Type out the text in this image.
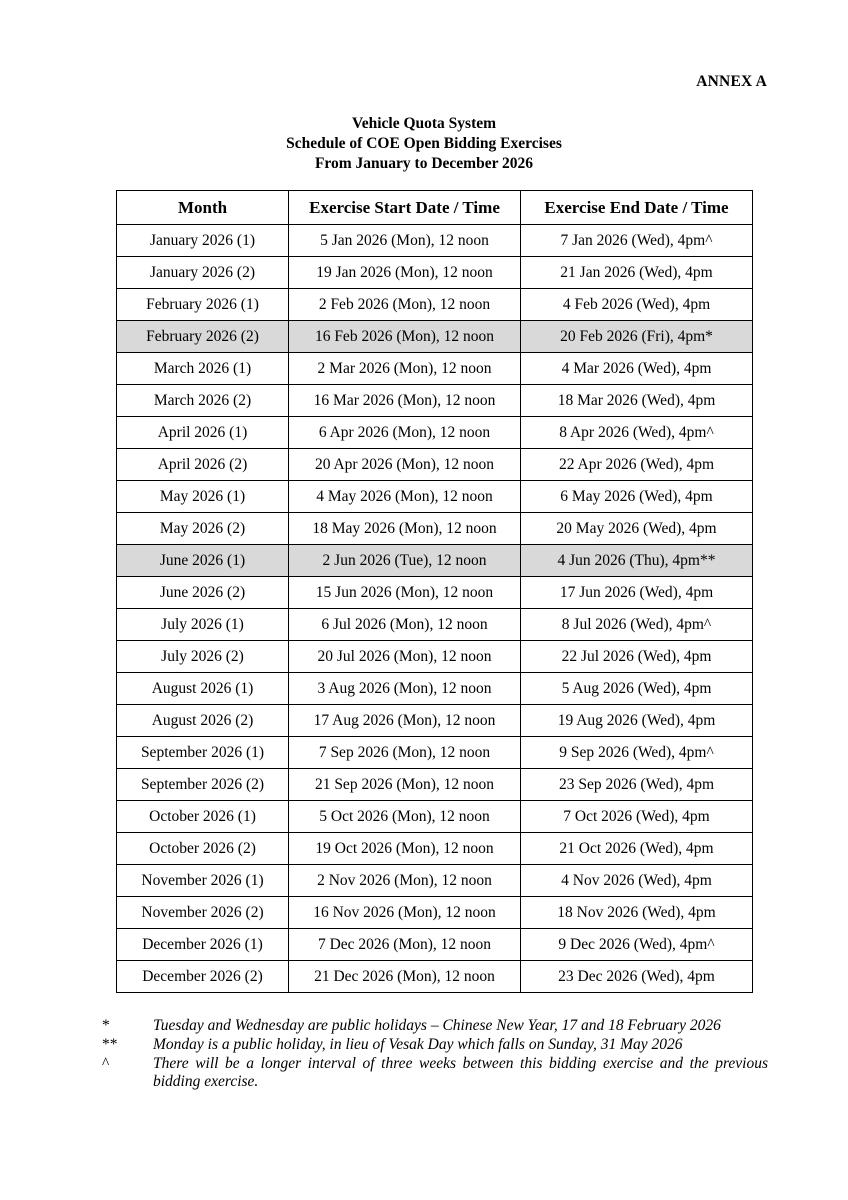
ANNEX A
Vehicle Quota System
Schedule of COE Open Bidding Exercises
From January to December 2026
Month	Exercise Start Date / Time	Exercise End Date / Time
January 2026 (1)	5 Jan 2026 (Mon), 12 noon	7 Jan 2026 (Wed), 4pm^
January 2026 (2)	19 Jan 2026 (Mon), 12 noon	21 Jan 2026 (Wed), 4pm
February 2026 (1)	2 Feb 2026 (Mon), 12 noon	4 Feb 2026 (Wed), 4pm
February 2026 (2)	16 Feb 2026 (Mon), 12 noon	20 Feb 2026 (Fri), 4pm*
March 2026 (1)	2 Mar 2026 (Mon), 12 noon	4 Mar 2026 (Wed), 4pm
March 2026 (2)	16 Mar 2026 (Mon), 12 noon	18 Mar 2026 (Wed), 4pm
April 2026 (1)	6 Apr 2026 (Mon), 12 noon	8 Apr 2026 (Wed), 4pm^
April 2026 (2)	20 Apr 2026 (Mon), 12 noon	22 Apr 2026 (Wed), 4pm
May 2026 (1)	4 May 2026 (Mon), 12 noon	6 May 2026 (Wed), 4pm
May 2026 (2)	18 May 2026 (Mon), 12 noon	20 May 2026 (Wed), 4pm
June 2026 (1)	2 Jun 2026 (Tue), 12 noon	4 Jun 2026 (Thu), 4pm**
June 2026 (2)	15 Jun 2026 (Mon), 12 noon	17 Jun 2026 (Wed), 4pm
July 2026 (1)	6 Jul 2026 (Mon), 12 noon	8 Jul 2026 (Wed), 4pm^
July 2026 (2)	20 Jul 2026 (Mon), 12 noon	22 Jul 2026 (Wed), 4pm
August 2026 (1)	3 Aug 2026 (Mon), 12 noon	5 Aug 2026 (Wed), 4pm
August 2026 (2)	17 Aug 2026 (Mon), 12 noon	19 Aug 2026 (Wed), 4pm
September 2026 (1)	7 Sep 2026 (Mon), 12 noon	9 Sep 2026 (Wed), 4pm^
September 2026 (2)	21 Sep 2026 (Mon), 12 noon	23 Sep 2026 (Wed), 4pm
October 2026 (1)	5 Oct 2026 (Mon), 12 noon	7 Oct 2026 (Wed), 4pm
October 2026 (2)	19 Oct 2026 (Mon), 12 noon	21 Oct 2026 (Wed), 4pm
November 2026 (1)	2 Nov 2026 (Mon), 12 noon	4 Nov 2026 (Wed), 4pm
November 2026 (2)	16 Nov 2026 (Mon), 12 noon	18 Nov 2026 (Wed), 4pm
December 2026 (1)	7 Dec 2026 (Mon), 12 noon	9 Dec 2026 (Wed), 4pm^
December 2026 (2)	21 Dec 2026 (Mon), 12 noon	23 Dec 2026 (Wed), 4pm
*	Tuesday and Wednesday are public holidays – Chinese New Year, 17 and 18 February 2026
**	Monday is a public holiday, in lieu of Vesak Day which falls on Sunday, 31 May 2026
^	There will be a longer interval of three weeks between this bidding exercise and the previous bidding exercise.
